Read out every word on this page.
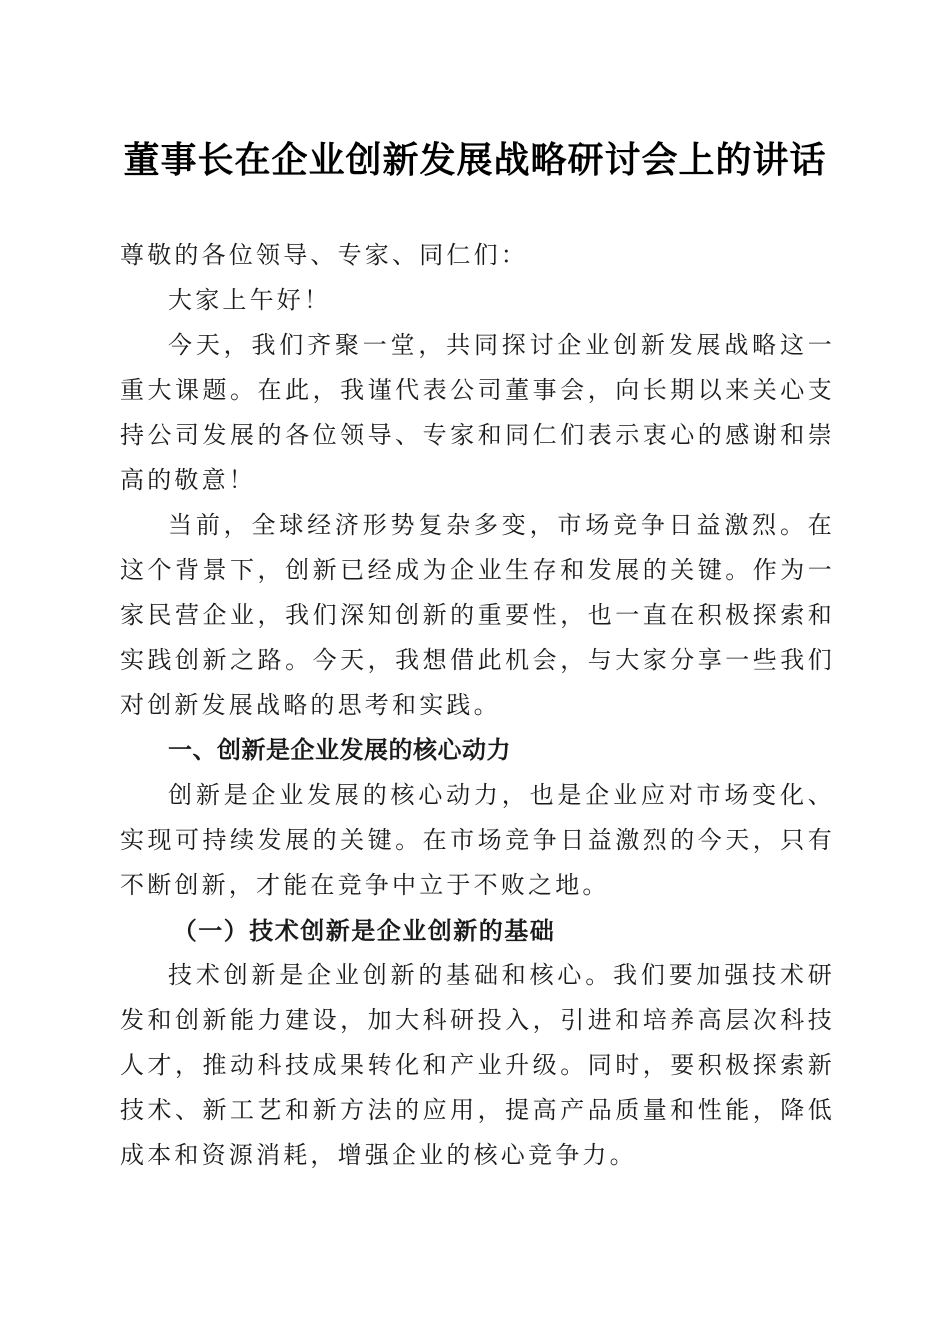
董事长在企业创新发展战略研讨会上的讲话

尊敬的各位领导、专家、同仁们：

大家上午好！

今天，我们齐聚一堂，共同探讨企业创新发展战略这一重大课题。在此，我谨代表公司董事会，向长期以来关心支持公司发展的各位领导、专家和同仁们表示衷心的感谢和崇高的敬意！

当前，全球经济形势复杂多变，市场竞争日益激烈。在这个背景下，创新已经成为企业生存和发展的关键。作为一家民营企业，我们深知创新的重要性，也一直在积极探索和实践创新之路。今天，我想借此机会，与大家分享一些我们对创新发展战略的思考和实践。

一、创新是企业发展的核心动力

创新是企业发展的核心动力，也是企业应对市场变化、实现可持续发展的关键。在市场竞争日益激烈的今天，只有不断创新，才能在竞争中立于不败之地。

（一）技术创新是企业创新的基础

技术创新是企业创新的基础和核心。我们要加强技术研发和创新能力建设，加大科研投入，引进和培养高层次科技人才，推动科技成果转化和产业升级。同时，要积极探索新技术、新工艺和新方法的应用，提高产品质量和性能，降低成本和资源消耗，增强企业的核心竞争力。
